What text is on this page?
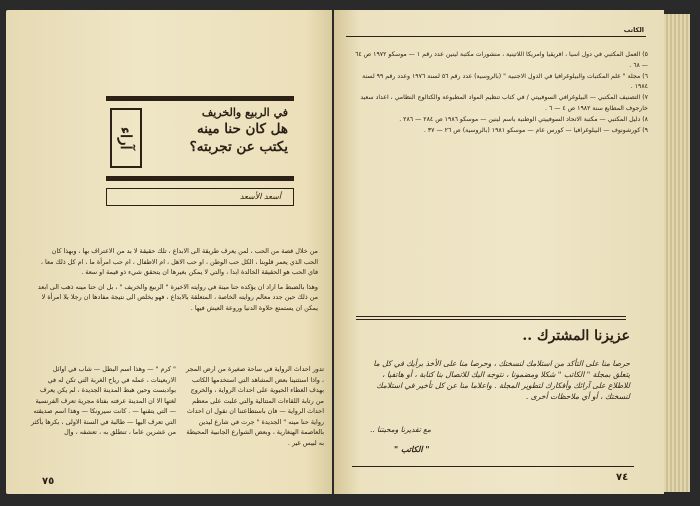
آراء
في الربيع والخريف
هل كان حنا مينه
يكتب عن تجربته؟
أسعد الأسعد

من خلال قصة من الحب ، لمن يعرف طريقة الى الابداع ، تلك حقيقة لا بد من الاعتراف بها ، وبهذا كان الحب الذي يعمر قلوبنا ، الكل حب الوطن ، او حب الاهل ، ام الاطفال ، ام حب امرأة ما ، ام كل ذلك معا ، فاي الحب هو الحقيقة الخالدة ابدا ، والتي لا يمكن بغيرها ان يتحقق شيء ذو قيمة او سعة .

وهذا بالضبط ما اراد ان يؤكده حنا مينة في روايته الاخيرة " الربيع والخريف " ، بل ان حنا مينه ذهب الى ابعد من ذلك حين جدد معالم روايته الخاصة ، المتعلقة بالابداع ، فهو يخلص الى نتيجة مفادها ان رجلا بلا امرأة لا يمكن ان يستمتع حلاوة الدنيا وروعة العيش فيها .

تدور احداث الرواية في ساحة صغيرة من ارض المجر ، واذا استثنينا بعض المشاهد التي استخدمها الكاتب بهدف الغطاء الحيوية على احداث الرواية ، والخروج من رتابة اللقاءات المتتالية والتي غلبت على معظم احداث الرواية — فان باستطاعتنا ان نقول ان احداث رواية حنا مينه " الجديدة " جرت في شارع ليدين بالعاصمة الهنغارية ، وبعض الشوارع الجانبية المحيطة به لبيس غير .

" كرم " — وهذا اسم البطل — شاب في اوائل الاربعينات ، عمله في رياح الغربة التي تكن له في بوادبست وحين هبط المدينة الجديدة ، لم يكن يعرف لغتها الا ان المدينة عرفته بفتاة مجرية تعرف الفرنسية — التي يتقنها — . كانت سيرونكا — وهذا اسم صديقته التي تعرف اليها — طالبة في السنة الاولى ، بكرها بأكثر من عشرين عاما ، تنطلق به ، تعشقه ، وإل

٧٥
الكاتب

٥) العمل المكتبي في دول اسيا ، افريقيا وامريكا اللاتينية ، منشورات مكتبة لينين عدد رقم ١ — موسكو ١٩٧٢ ص ٦٤ — ٦٨ .

٦) مجلة " علم المكتبات والبيلوغرافيا في الدول الاجنبية " (بالروسية) عدد رقم ٥٦ لسنة ١٩٧٦ وعدد رقم ٩٩ لسنة ١٩٨٤ .

٧) التصنيف المكتبي — البيلوغرافي السوفييتي / في كتاب تنظيم المواد المطبوعة والكتالوج النظامي ، اعداد سعيد خارجوف المطابع سنة ١٩٨٢ ص ٤ — ٦ .

٨) دليل المكتبي — مكتبة الاتحاد السوفييتي الوطنية باسم لينين — موسكو ١٩٨٦ ص ٢٨٤ — ٢٨٦ .

٩) كورشونوف — البيلوغرافيا — كورس عام — موسكو ١٩٨١ (بالروسية) ص ٢٦ — ٣٧ .

عزيزنا المشترك ..
حرصا منا على التأكد من استلامك لنسختك ، وحرصا منا على الأخذ برأيك في كل ما يتعلق بمجلة " الكاتب " شكلا ومضمونا ، نتوجه اليك للاتصال بنا كتابة ، أو هاتفيا ، للاطلاع على آرائك وأفكارك لتطوير المجلة . واعلاما منا عن كل تأخير في استلامك لنسختك ، أو أي ملاحظات أخرى .
مع تقديرنا ومحبتنا ..
" الكاتب "
٧٤
